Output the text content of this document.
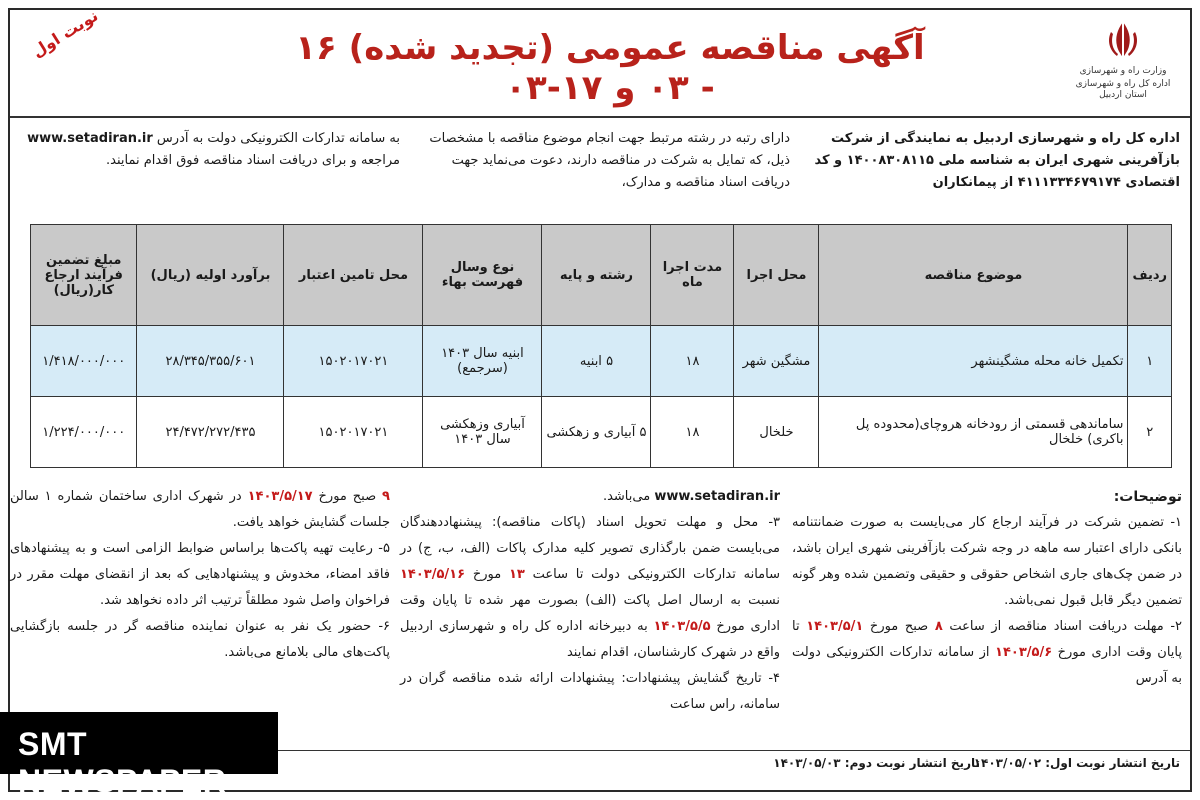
نوبت اول	آگهی مناقصه عمومی (تجدید شده) ۱۶ - ۰۳ و ۱۷-۰۳	وزارت راه و شهرسازی
اداره کل راه و شهرسازی استان اردبیل
اداره کل راه و شهرسازی اردبیل به نمایندگی از شرکت بازآفرینی شهری ایران به شناسه ملی ۱۴۰۰۸۳۰۸۱۱۵ و کد اقتصادی ۴۱۱۱۳۳۴۶۷۹۱۷۴ از پیمانکاران
دارای رتبه در رشته مرتبط جهت انجام موضوع مناقصه با مشخصات ذیل، که تمایل به شرکت در مناقصه دارند، دعوت می‌نماید جهت دریافت اسناد مناقصه و مدارک،
به سامانه تدارکات الکترونیکی دولت به آدرس www.setadiran.ir مراجعه و برای دریافت اسناد مناقصه فوق اقدام نمایند.
ردیف	موضوع مناقصه	محل اجرا	مدت اجرا ماه	رشته و پایه	نوع وسال فهرست بهاء	محل تامین اعتبار	برآورد اولیه (ریال)	مبلغ تضمین فرآیند ارجاع کار(ریال)
۱	تکمیل خانه محله مشگینشهر	مشگین شهر	۱۸	۵ ابنیه	ابنیه سال ۱۴۰۳ (سرجمع)	۱۵۰۲۰۱۷۰۲۱	۲۸/۳۴۵/۳۵۵/۶۰۱	۱/۴۱۸/۰۰۰/۰۰۰
۲	ساماندهی قسمتی از رودخانه هروچای(محدوده پل باکری) خلخال	خلخال	۱۸	۵ آبیاری و زهکشی	آبیاری وزهکشی سال ۱۴۰۳	۱۵۰۲۰۱۷۰۲۱	۲۴/۴۷۲/۲۷۲/۴۳۵	۱/۲۲۴/۰۰۰/۰۰۰

توضیحات:

۱- تضمین شرکت در فرآیند ارجاع کار می‌بایست به صورت ضمانتنامه بانکی دارای اعتبار سه ماهه در وجه شرکت بازآفرینی شهری ایران باشد، در ضمن چک‌های جاری اشخاص حقوقی و حقیقی وتضمین شده وهر گونه تضمین دیگر قابل قبول نمی‌باشد.

۲- مهلت دریافت اسناد مناقصه از ساعت ۸ صبح مورخ ۱۴۰۳/۵/۱ تا پایان وقت اداری مورخ ۱۴۰۳/۵/۶ از سامانه تدارکات الکترونیکی دولت به آدرس

www.setadiran.ir می‌باشد.

۳- محل و مهلت تحویل اسناد (پاکات مناقصه): پیشنهاددهندگان می‌بایست ضمن بارگذاری تصویر کلیه مدارک پاکات (الف، ب، ج) در سامانه تدارکات الکترونیکی دولت تا ساعت ۱۳ مورخ ۱۴۰۳/۵/۱۶ نسبت به ارسال اصل پاکت (الف) بصورت مهر شده تا پایان وقت اداری مورخ ۱۴۰۳/۵/۵ به دبیرخانه اداره کل راه و شهرسازی اردبیل واقع در شهرک کارشناسان، اقدام نمایند

۴- تاریخ گشایش پیشنهادات: پیشنهادات ارائه شده مناقصه گران در سامانه، راس ساعت

۹ صبح مورخ ۱۴۰۳/۵/۱۷ در شهرک اداری ساختمان شماره ۱ سالن جلسات گشایش خواهد یافت.

۵- رعایت تهیه پاکت‌ها براساس ضوابط الزامی است و به پیشنهادهای فاقد امضاء، مخدوش و پیشنهادهایی که بعد از انقضای مهلت مقرر در فراخوان واصل شود مطلقاً ترتیب اثر داده نخواهد شد.

۶- حضور یک نفر به عنوان نماینده مناقصه گر در جلسه بازگشایی پاکت‌های مالی بلامانع می‌باشد.

تاریخ انتشار نوبت اول: ۱۴۰۳/۰۵/۰۲
تاریخ انتشار نوبت دوم: ۱۴۰۳/۰۵/۰۳
SMT NEWSPAPER
